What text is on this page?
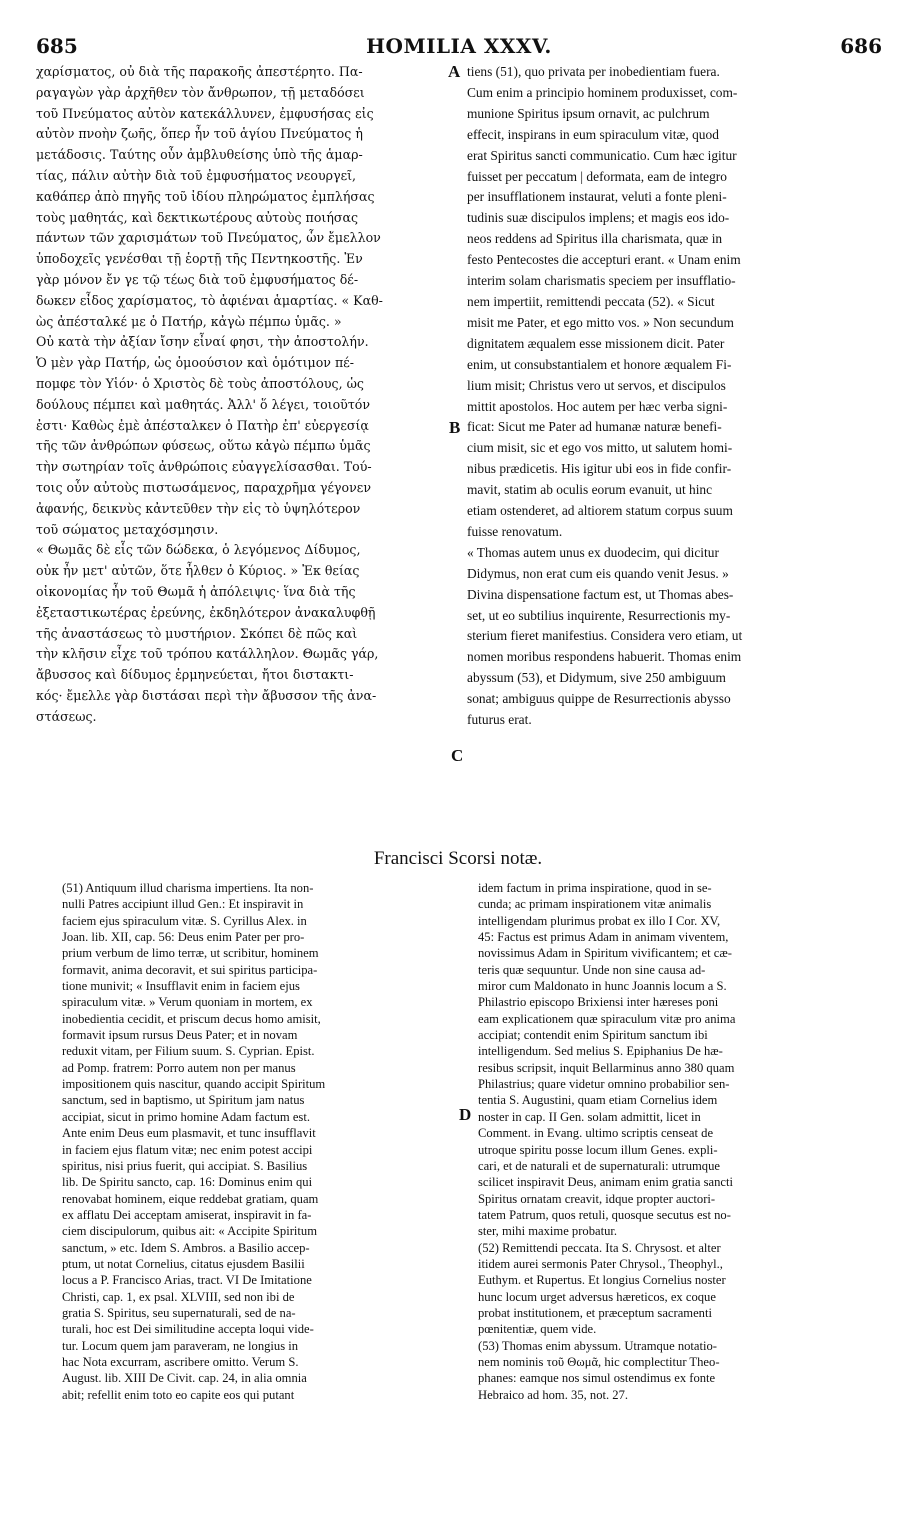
685	HOMILIA XXXV.	686
χαρίσματος, οὐ διὰ τῆς παρακοῆς ἀπεστέρητο. Πα-
ραγαγὼν γὰρ ἀρχῆθεν τὸν ἄνθρωπον, τῇ μεταδόσει
τοῦ Πνεύματος αὐτὸν κατεκάλλυνεν, ἐμφυσήσας εἰς
αὐτὸν πνοὴν ζωῆς, ὅπερ ἦν τοῦ ἁγίου Πνεύματος ἡ
μετάδοσις. Ταύτης οὖν ἀμβλυθείσης ὑπὸ τῆς ἁμαρ-
τίας, πάλιν αὐτὴν διὰ τοῦ ἐμφυσήματος νεουργεῖ,
καθάπερ ἀπὸ πηγῆς τοῦ ἰδίου πληρώματος ἐμπλήσας
τοὺς μαθητάς, καὶ δεκτικωτέρους αὐτοὺς ποιήσας
πάντων τῶν χαρισμάτων τοῦ Πνεύματος, ὧν ἔμελλον
ὑποδοχεῖς γενέσθαι τῇ ἑορτῇ τῆς Πεντηκοστῆς. Ἐν
γὰρ μόνον ἔν γε τῷ τέως διὰ τοῦ ἐμφυσήματος δέ-
δωκεν εἶδος χαρίσματος, τὸ ἀφιέναι ἁμαρτίας. « Καθ-
ὼς ἀπέσταλκέ με ὁ Πατήρ, κἀγὼ πέμπω ὑμᾶς. »
Οὐ κατὰ τὴν ἀξίαν ἴσην εἶναί φησι, τὴν ἀποστολήν.
Ὁ μὲν γὰρ Πατήρ, ὡς ὁμοούσιον καὶ ὁμότιμον πέ-
πομφε τὸν Υἱόν· ὁ Χριστὸς δὲ τοὺς ἀποστόλους, ὡς
δούλους πέμπει καὶ μαθητάς. Ἀλλ' ὅ λέγει, τοιοῦτόν
ἐστι· Καθὼς ἐμὲ ἀπέσταλκεν ὁ Πατὴρ ἐπ' εὐεργεσίᾳ
τῆς τῶν ἀνθρώπων φύσεως, οὕτω κἀγὼ πέμπω ὑμᾶς
τὴν σωτηρίαν τοῖς ἀνθρώποις εὐαγγελίσασθαι. Τού-
τοις οὖν αὐτοὺς πιστωσάμενος, παραχρῆμα γέγονεν
ἀφανής, δεικνὺς κἀντεῦθεν τὴν εἰς τὸ ὑψηλότερον
τοῦ σώματος μεταχόσμησιν.
« Θωμᾶς δὲ εἷς τῶν δώδεκα, ὁ λεγόμενος Δίδυμος,
οὐκ ἦν μετ' αὐτῶν, ὅτε ἦλθεν ὁ Κύριος. » Ἐκ θείας
οἰκονομίας ἦν τοῦ Θωμᾶ ἡ ἀπόλειψις· ἵνα διὰ τῆς
ἐξεταστικωτέρας ἐρεύνης, ἐκδηλότερον ἀνακαλυφθῇ
τῆς ἀναστάσεως τὸ μυστήριον. Σκόπει δὲ πῶς καὶ
τὴν κλῆσιν εἶχε τοῦ τρόπου κατάλληλον. Θωμᾶς γάρ,
ἄβυσσος καὶ δίδυμος ἑρμηνεύεται, ἤτοι διστακτι-
κός· ἔμελλε γὰρ διστάσαι περὶ τὴν ἄβυσσον τῆς ἀνα-
στάσεως.
tiens (51), quo privata per inobedientiam fuera.
Cum enim a principio hominem produxisset, com-
munione Spiritus ipsum ornavit, ac pulchrum
effecit, inspirans in eum spiraculum vitæ, quod
erat Spiritus sancti communicatio. Cum hæc igitur
fuisset per peccatum | deformata, eam de integro
per insufflationem instaurat, veluti a fonte pleni-
tudinis suæ discipulos implens; et magis eos ido-
neos reddens ad Spiritus illa charismata, quæ in
festo Pentecostes die accepturi erant. « Unam enim
interim solam charismatis speciem per insufflatio-
nem impertiit, remittendi peccata (52). « Sicut
misit me Pater, et ego mitto vos. » Non secundum
dignitatem æqualem esse missionem dicit. Pater
enim, ut consubstantialem et honore æqualem Fi-
lium misit; Christus vero ut servos, et discipulos
mittit apostolos. Hoc autem per hæc verba signi-
ficat: Sicut me Pater ad humanæ naturæ benefi-
cium misit, sic et ego vos mitto, ut salutem homi-
nibus prædicetis. His igitur ubi eos in fide confir-
mavit, statim ab oculis eorum evanuit, ut hinc
etiam ostenderet, ad altiorem statum corpus suum
fuisse renovatum.
« Thomas autem unus ex duodecim, qui dicitur
Didymus, non erat cum eis quando venit Jesus. »
Divina dispensatione factum est, ut Thomas abes-
set, ut eo subtilius inquirente, Resurrectionis my-
sterium fieret manifestius. Considera vero etiam, ut
nomen moribus respondens habuerit. Thomas enim
abyssum (53), et Didymum, sive 250 ambiguum
sonat; ambiguus quippe de Resurrectionis abysso
futurus erat.
A
B
C
D
Francisci Scorsi notæ.
(51) Antiquum illud charisma impertiens. Ita non-
nulli Patres accipiunt illud Gen.: Et inspiravit in
faciem ejus spiraculum vitæ. S. Cyrillus Alex. in
Joan. lib. XII, cap. 56: Deus enim Pater per pro-
prium verbum de limo terræ, ut scribitur, hominem
formavit, anima decoravit, et sui spiritus participa-
tione munivit; « Insufflavit enim in faciem ejus
spiraculum vitæ. » Verum quoniam in mortem, ex
inobedientia cecidit, et priscum decus homo amisit,
formavit ipsum rursus Deus Pater; et in novam
reduxit vitam, per Filium suum. S. Cyprian. Epist.
ad Pomp. fratrem: Porro autem non per manus
impositionem quis nascitur, quando accipit Spiritum
sanctum, sed in baptismo, ut Spiritum jam natus
accipiat, sicut in primo homine Adam factum est.
Ante enim Deus eum plasmavit, et tunc insufflavit
in faciem ejus flatum vitæ; nec enim potest accipi
spiritus, nisi prius fuerit, qui accipiat. S. Basilius
lib. De Spiritu sancto, cap. 16: Dominus enim qui
renovabat hominem, eique reddebat gratiam, quam
ex afflatu Dei acceptam amiserat, inspiravit in fa-
ciem discipulorum, quibus ait: « Accipite Spiritum
sanctum, » etc. Idem S. Ambros. a Basilio accep-
ptum, ut notat Cornelius, citatus ejusdem Basilii
locus a P. Francisco Arias, tract. VI De Imitatione
Christi, cap. 1, ex psal. XLVIII, sed non ibi de
gratia S. Spiritus, seu supernaturali, sed de na-
turali, hoc est Dei similitudine accepta loqui vide-
tur. Locum quem jam paraveram, ne longius in
hac Nota excurram, ascribere omitto. Verum S.
August. lib. XIII De Civit. cap. 24, in alia omnia
abit; refellit enim toto eo capite eos qui putant
idem factum in prima inspiratione, quod in se-
cunda; ac primam inspirationem vitæ animalis
intelligendam plurimus probat ex illo I Cor. XV,
45: Factus est primus Adam in animam viventem,
novissimus Adam in Spiritum vivificantem; et cæ-
teris quæ sequuntur. Unde non sine causa ad-
miror cum Maldonato in hunc Joannis locum a S.
Philastrio episcopo Brixiensi inter hæreses poni
eam explicationem quæ spiraculum vitæ pro anima
accipiat; contendit enim Spiritum sanctum ibi
intelligendum. Sed melius S. Epiphanius De hæ-
resibus scripsit, inquit Bellarminus anno 380 quam
Philastrius; quare videtur omnino probabilior sen-
tentia S. Augustini, quam etiam Cornelius idem
noster in cap. II Gen. solam admittit, licet in
Comment. in Evang. ultimo scriptis censeat de
utroque spiritu posse locum illum Genes. expli-
cari, et de naturali et de supernaturali: utrumque
scilicet inspiravit Deus, animam enim gratia sancti
Spiritus ornatam creavit, idque propter auctori-
tatem Patrum, quos retuli, quosque secutus est no-
ster, mihi maxime probatur.
(52) Remittendi peccata. Ita S. Chrysost. et alter
itidem aurei sermonis Pater Chrysol., Theophyl.,
Euthym. et Rupertus. Et longius Cornelius noster
hunc locum urget adversus hæreticos, ex coque
probat institutionem, et præceptum sacramenti
pœnitentiæ, quem vide.
(53) Thomas enim abyssum. Utramque notatio-
nem nominis τοῦ Θωμᾶ, hic complectitur Theo-
phanes: eamque nos simul ostendimus ex fonte
Hebraico ad hom. 35, not. 27.
